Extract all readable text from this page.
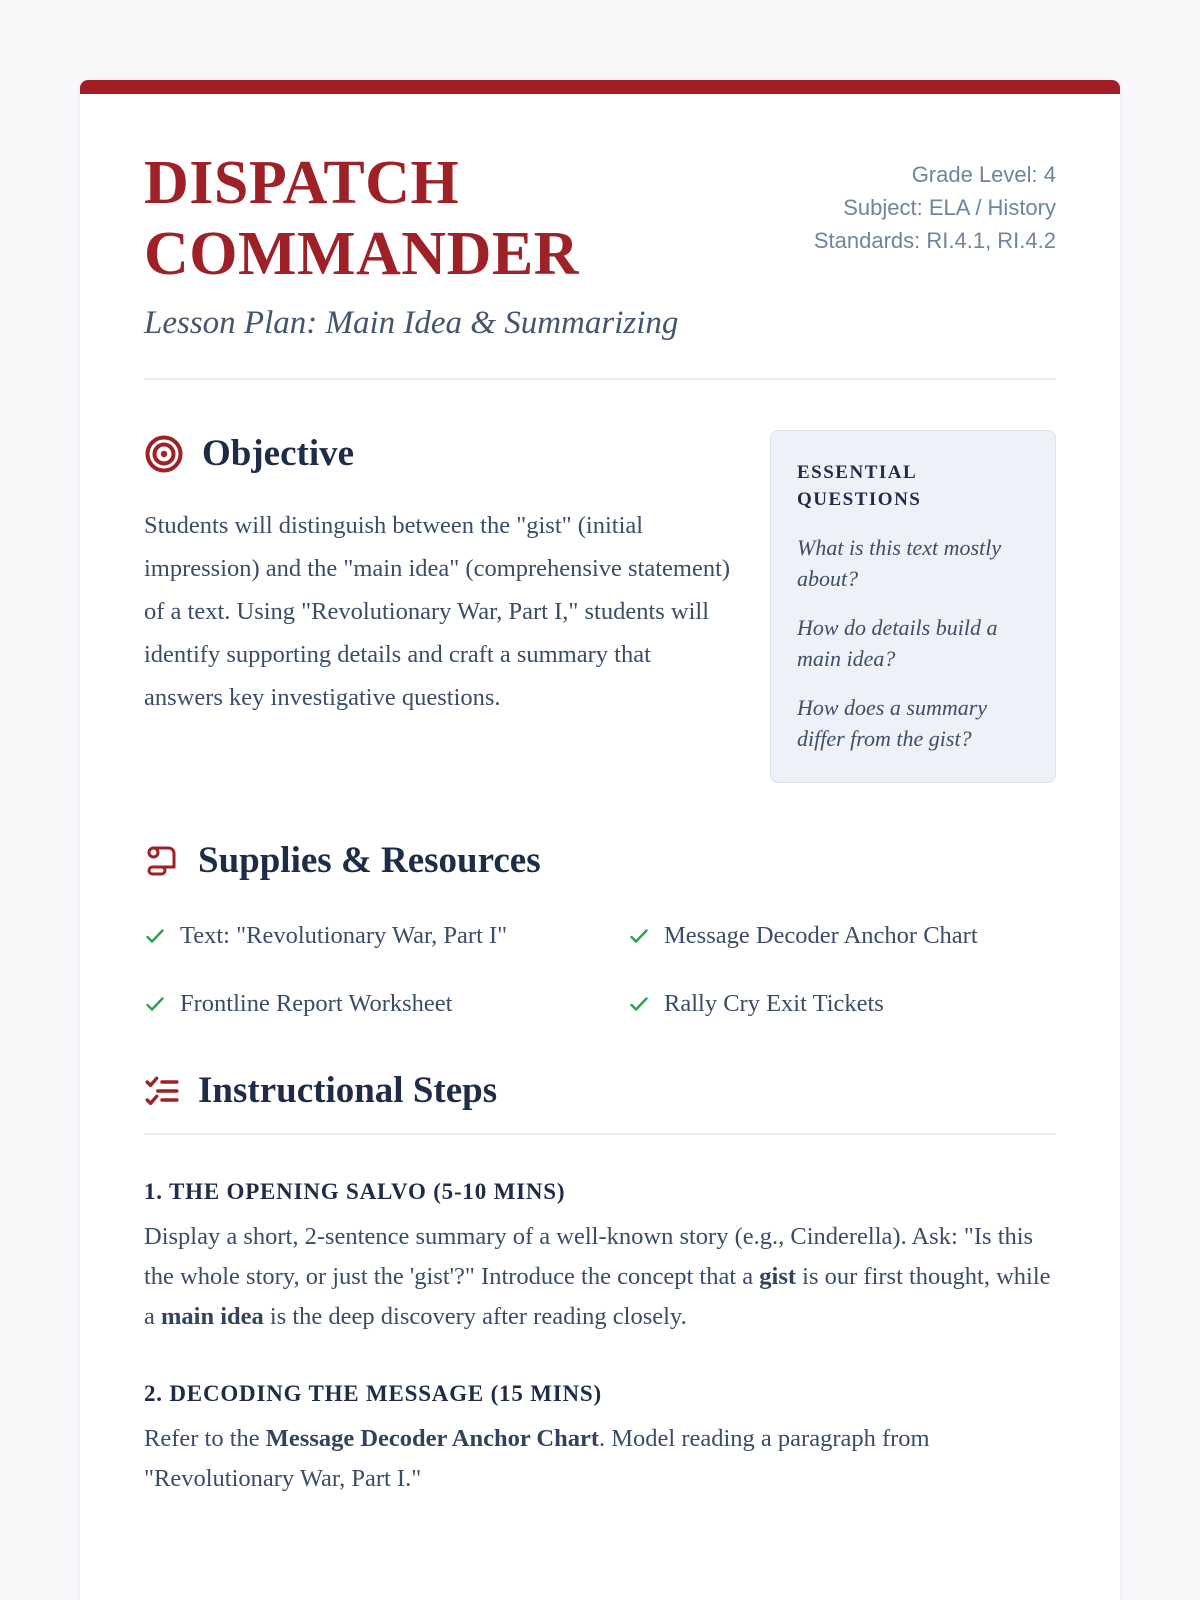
DISPATCH COMMANDER
Lesson Plan: Main Idea & Summarizing
Grade Level: 4
Subject: ELA / History
Standards: RI.4.1, RI.4.2
Objective

Students will distinguish between the "gist" (initial impression) and the "main idea" (comprehensive statement) of a text. Using "Revolutionary War, Part I," students will identify supporting details and craft a summary that answers key investigative questions.

ESSENTIAL QUESTIONS

What is this text mostly about?

How do details build a main idea?

How does a summary differ from the gist?

Supplies & Resources
Text: "Revolutionary War, Part I"	Message Decoder Anchor Chart
Frontline Report Worksheet	Rally Cry Exit Tickets
Instructional Steps
1. THE OPENING SALVO (5-10 MINS)

Display a short, 2-sentence summary of a well-known story (e.g., Cinderella). Ask: "Is this the whole story, or just the 'gist'?" Introduce the concept that a gist is our first thought, while a main idea is the deep discovery after reading closely.

2. DECODING THE MESSAGE (15 MINS)

Refer to the Message Decoder Anchor Chart. Model reading a paragraph from "Revolutionary War, Part I."
